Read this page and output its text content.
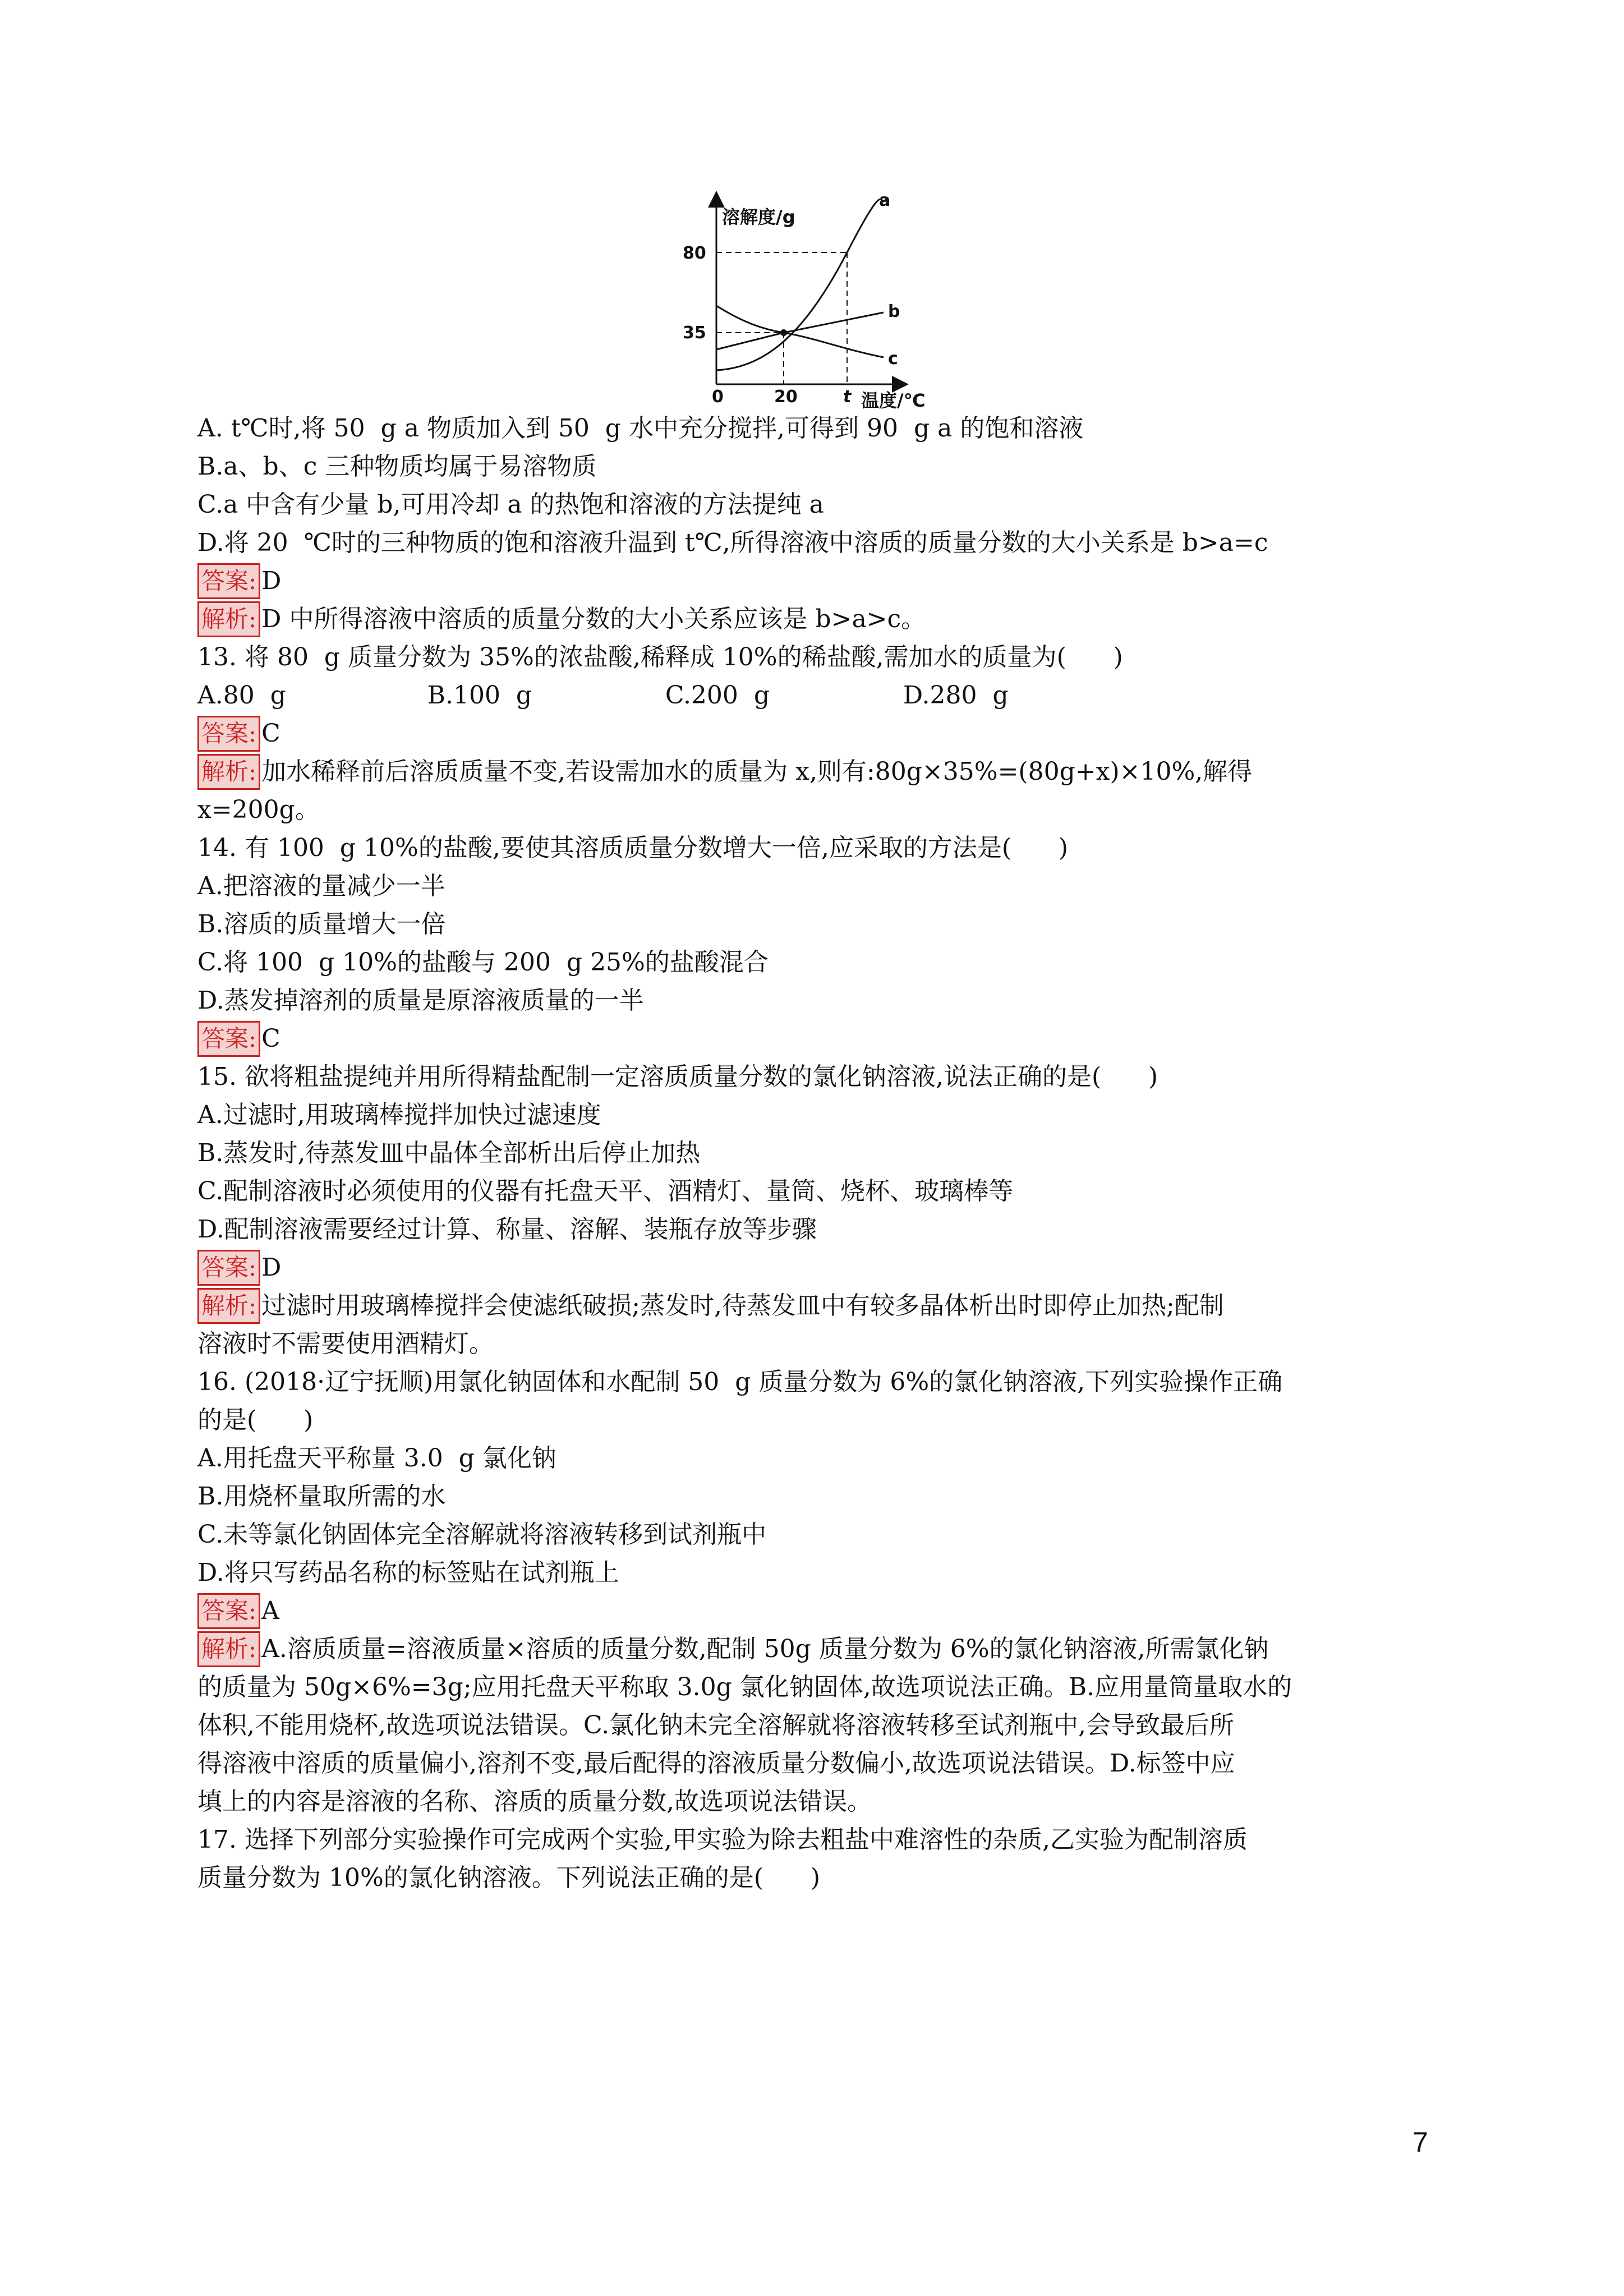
溶解度/g
温度/℃
80
35
0	20	t
a
b
c

A. t℃时,将 50  g a 物质加入到 50  g 水中充分搅拌,可得到 90  g a 的饱和溶液

B.a、b、c 三种物质均属于易溶物质

C.a 中含有少量 b,可用冷却 a 的热饱和溶液的方法提纯 a

D.将 20  ℃时的三种物质的饱和溶液升温到 t℃,所得溶液中溶质的质量分数的大小关系是 b>a=c

答案: D

解析: D 中所得溶液中溶质的质量分数的大小关系应该是 b>a>c。

13. 将 80  g 质量分数为 35%的浓盐酸,稀释成 10%的稀盐酸,需加水的质量为(      )

A.80  g                  B.100  g                 C.200  g                 D.280  g

答案: C

解析: 加水稀释前后溶质质量不变,若设需加水的质量为 x,则有:80g×35%=(80g+x)×10%,解得

x=200g。

14. 有 100  g 10%的盐酸,要使其溶质质量分数增大一倍,应采取的方法是(      )

A.把溶液的量减少一半

B.溶质的质量增大一倍

C.将 100  g 10%的盐酸与 200  g 25%的盐酸混合

D.蒸发掉溶剂的质量是原溶液质量的一半

答案: C

15. 欲将粗盐提纯并用所得精盐配制一定溶质质量分数的氯化钠溶液,说法正确的是(      )

A.过滤时,用玻璃棒搅拌加快过滤速度

B.蒸发时,待蒸发皿中晶体全部析出后停止加热

C.配制溶液时必须使用的仪器有托盘天平、酒精灯、量筒、烧杯、玻璃棒等

D.配制溶液需要经过计算、称量、溶解、装瓶存放等步骤

答案: D

解析: 过滤时用玻璃棒搅拌会使滤纸破损;蒸发时,待蒸发皿中有较多晶体析出时即停止加热;配制

溶液时不需要使用酒精灯。

16. (2018·辽宁抚顺)用氯化钠固体和水配制 50  g 质量分数为 6%的氯化钠溶液,下列实验操作正确

的是(      )

A.用托盘天平称量 3.0  g 氯化钠

B.用烧杯量取所需的水

C.未等氯化钠固体完全溶解就将溶液转移到试剂瓶中

D.将只写药品名称的标签贴在试剂瓶上

答案: A

解析: A.溶质质量=溶液质量×溶质的质量分数,配制 50g 质量分数为 6%的氯化钠溶液,所需氯化钠

的质量为 50g×6%=3g;应用托盘天平称取 3.0g 氯化钠固体,故选项说法正确。B.应用量筒量取水的

体积,不能用烧杯,故选项说法错误。C.氯化钠未完全溶解就将溶液转移至试剂瓶中,会导致最后所

得溶液中溶质的质量偏小,溶剂不变,最后配得的溶液质量分数偏小,故选项说法错误。D.标签中应

填上的内容是溶液的名称、溶质的质量分数,故选项说法错误。

17. 选择下列部分实验操作可完成两个实验,甲实验为除去粗盐中难溶性的杂质,乙实验为配制溶质

质量分数为 10%的氯化钠溶液。下列说法正确的是(      )

7
